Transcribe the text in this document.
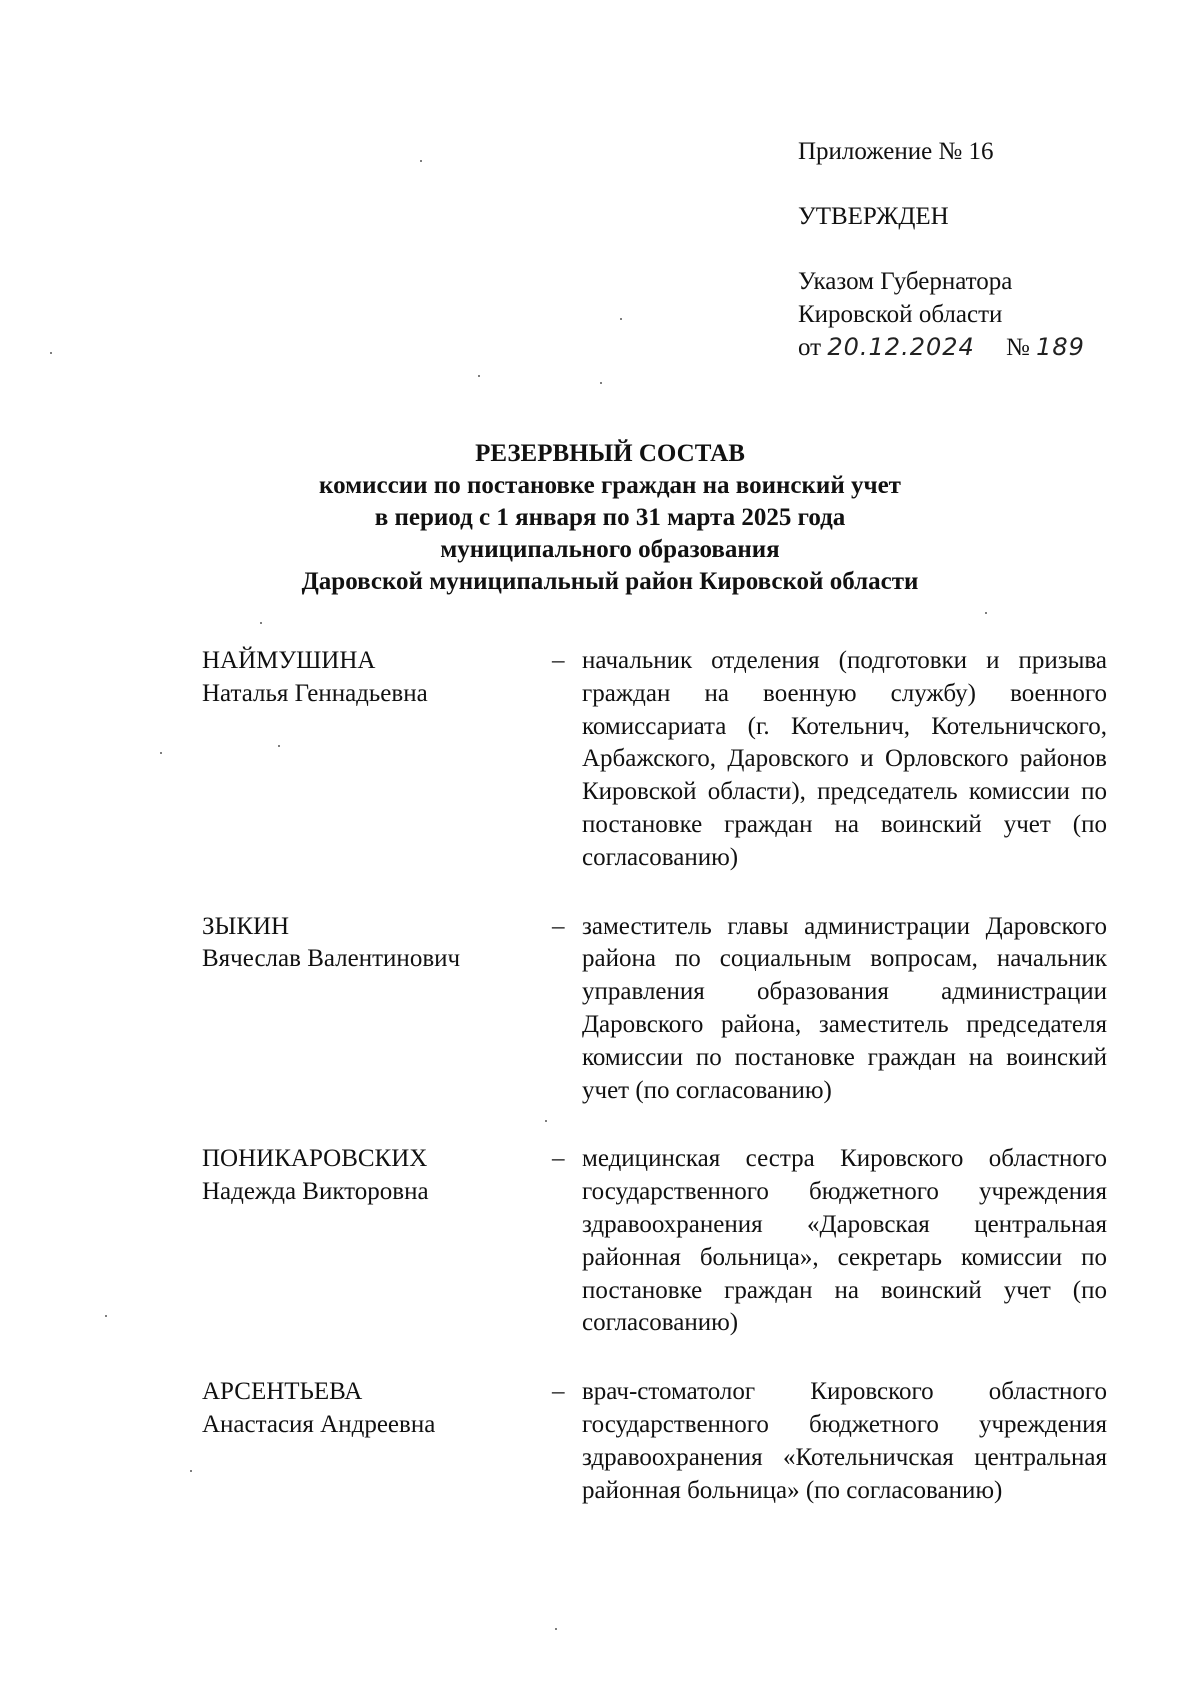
Приложение № 16
УТВЕРЖДЕН
Указом Губернатора
Кировской области
от 20.12.2024 № 189
РЕЗЕРВНЫЙ СОСТАВ
комиссии по постановке граждан на воинский учет
в период с 1 января по 31 марта 2025 года
муниципального образования
Даровской муниципальный район Кировской области
НАЙМУШИНА
Наталья Геннадьевна
– начальник отделения (подготовки и призыва граждан на военную службу) военного комиссариата (г. Котельнич, Котельничского, Арбажского, Даровского и Орловского районов Кировской области), председатель комиссии по постановке граждан на воинский учет (по согласованию)
ЗЫКИН
Вячеслав Валентинович
– заместитель главы администрации Даровского района по социальным вопросам, начальник управления образования администрации Даровского района, заместитель председателя комиссии по постановке граждан на воинский учет (по согласованию)
ПОНИКАРОВСКИХ
Надежда Викторовна
– медицинская сестра Кировского областного государственного бюджетного учреждения здравоохранения «Даровская центральная районная больница», секретарь комиссии по постановке граждан на воинский учет (по согласованию)
АРСЕНТЬЕВА
Анастасия Андреевна
– врач-стоматолог Кировского областного государственного бюджетного учреждения здравоохранения «Котельничская центральная районная больница» (по согласованию)
